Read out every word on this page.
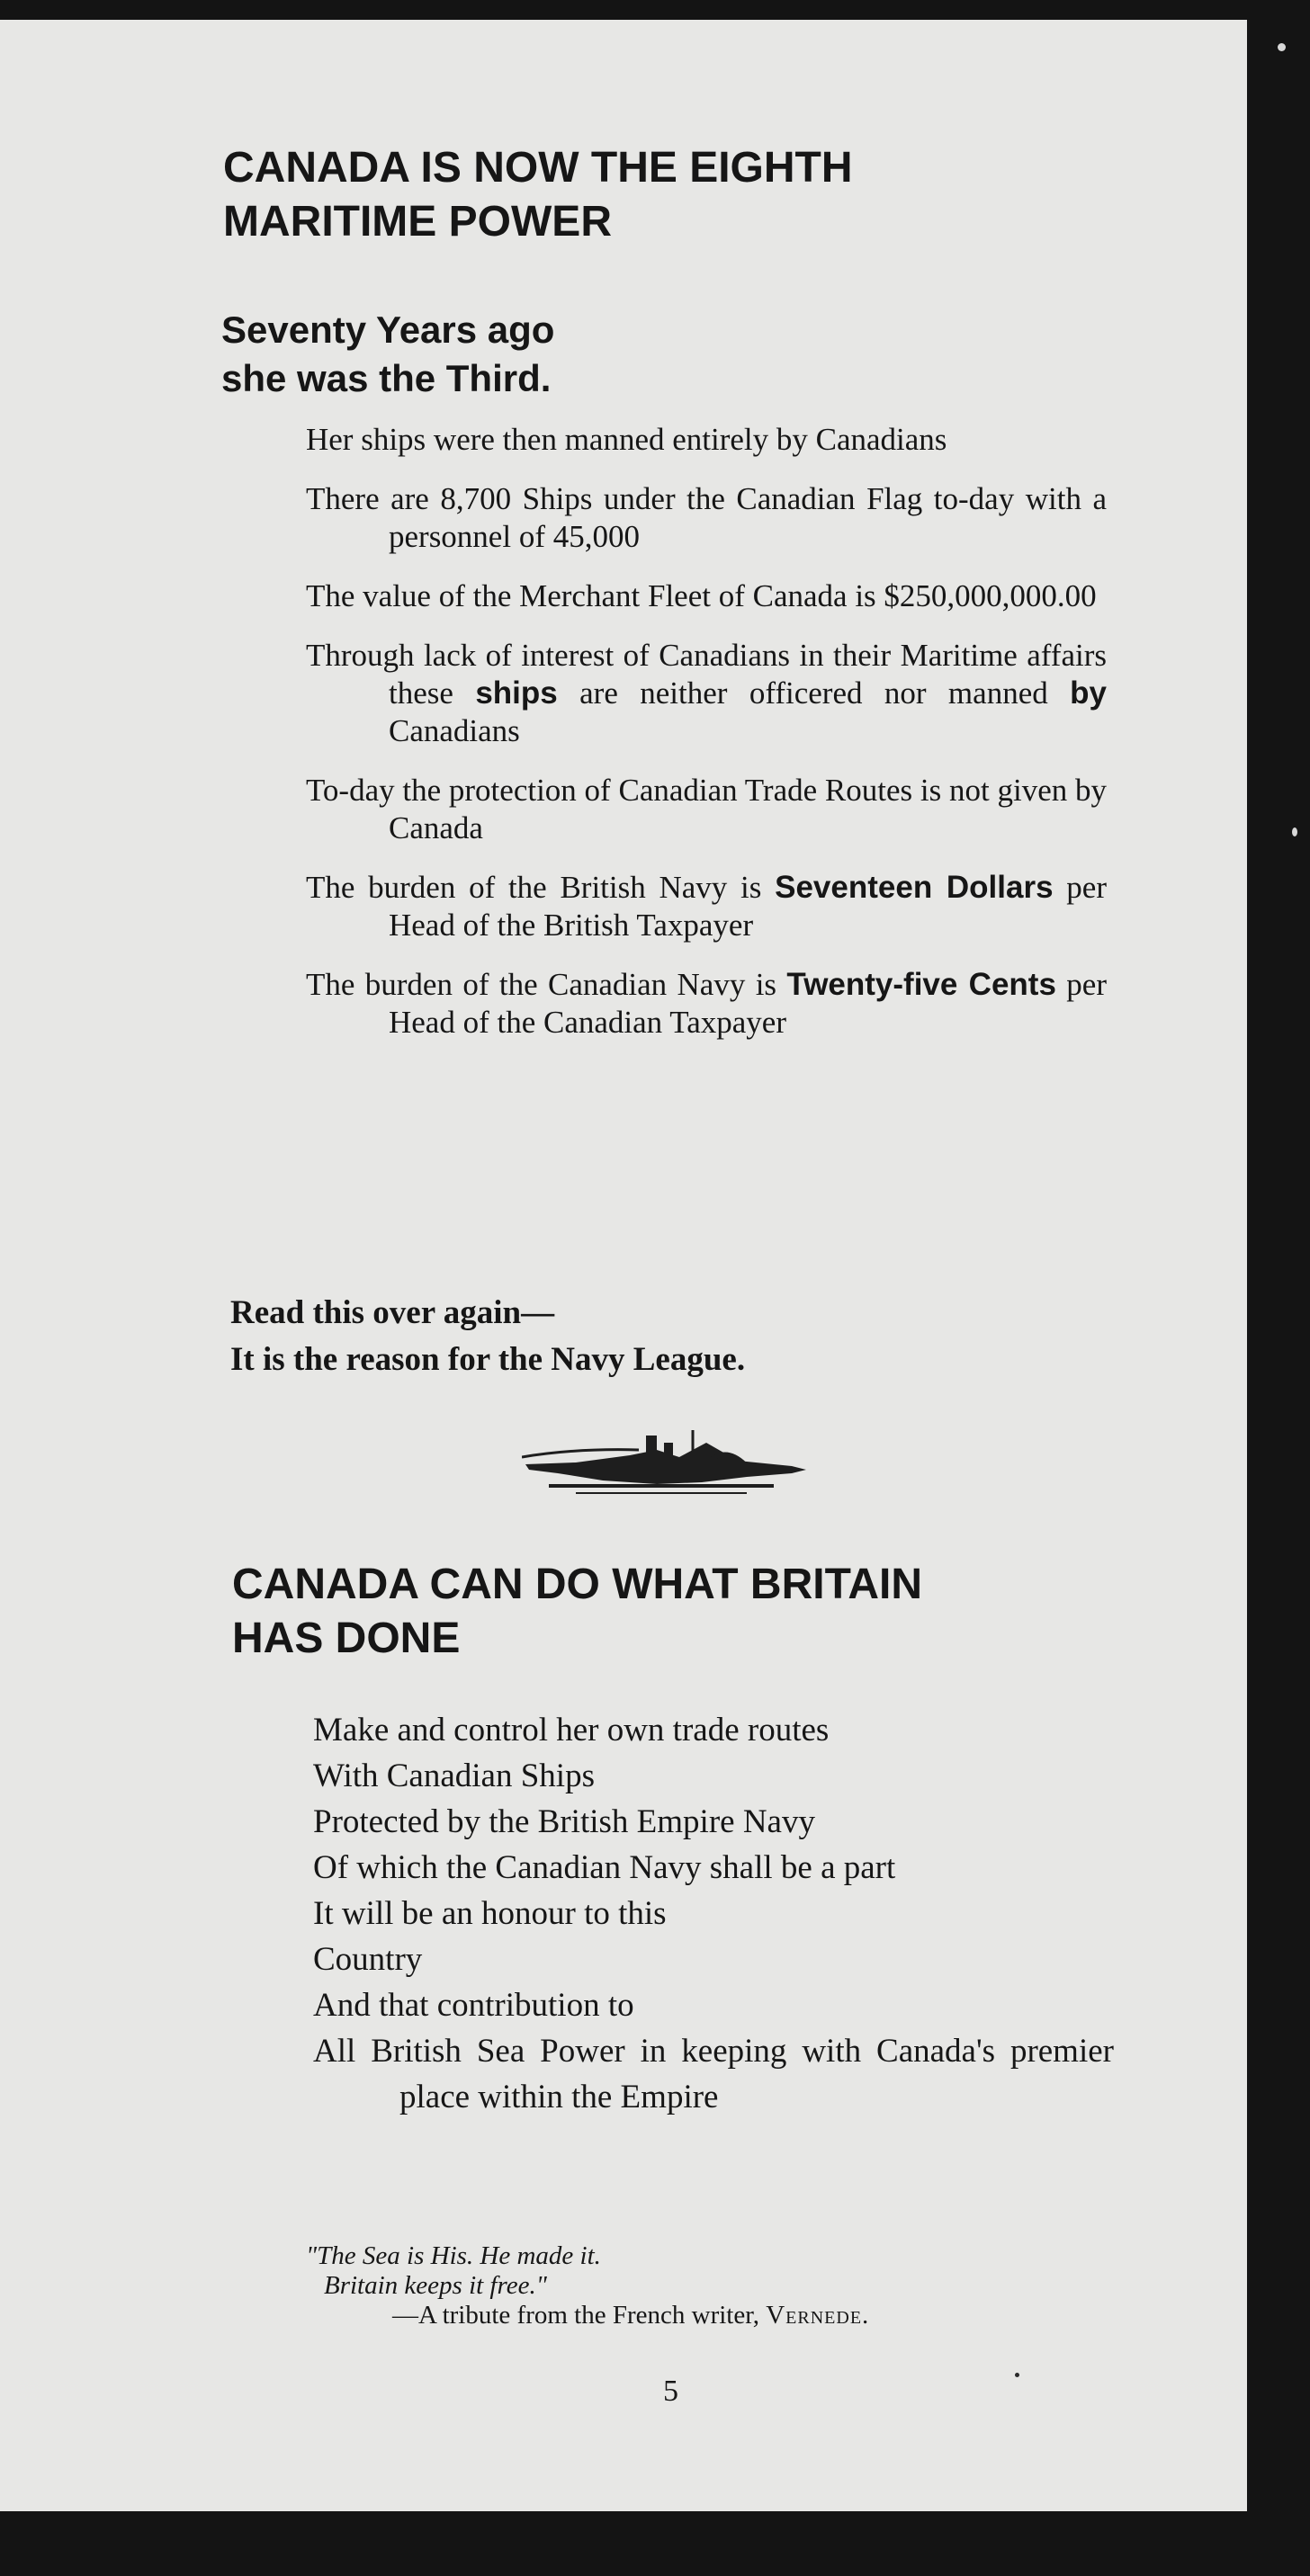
CANADA IS NOW THE EIGHTH
MARITIME POWER
Seventy Years ago
she was the Third.

Her ships were then manned entirely by Canadians

There are 8,700 Ships under the Canadian Flag to-day with a personnel of 45,000

The value of the Merchant Fleet of Canada is $250,000,000.00

Through lack of interest of Canadians in their Maritime affairs these ships are neither officered nor manned by Canadians

To-day the protection of Canadian Trade Routes is not given by Canada

The burden of the British Navy is Seventeen Dollars per Head of the British Taxpayer

The burden of the Canadian Navy is Twenty-five Cents per Head of the Canadian Taxpayer

Read this over again—
It is the reason for the Navy League.
CANADA CAN DO WHAT BRITAIN
HAS DONE

Make and control her own trade routes

With Canadian Ships

Protected by the British Empire Navy

Of which the Canadian Navy shall be a part

It will be an honour to this

Country

And that contribution to

All British Sea Power in keeping with Canada's premier place within the Empire

"The Sea is His. He made it.
Britain keeps it free."
—A tribute from the French writer, Vernede.
5
